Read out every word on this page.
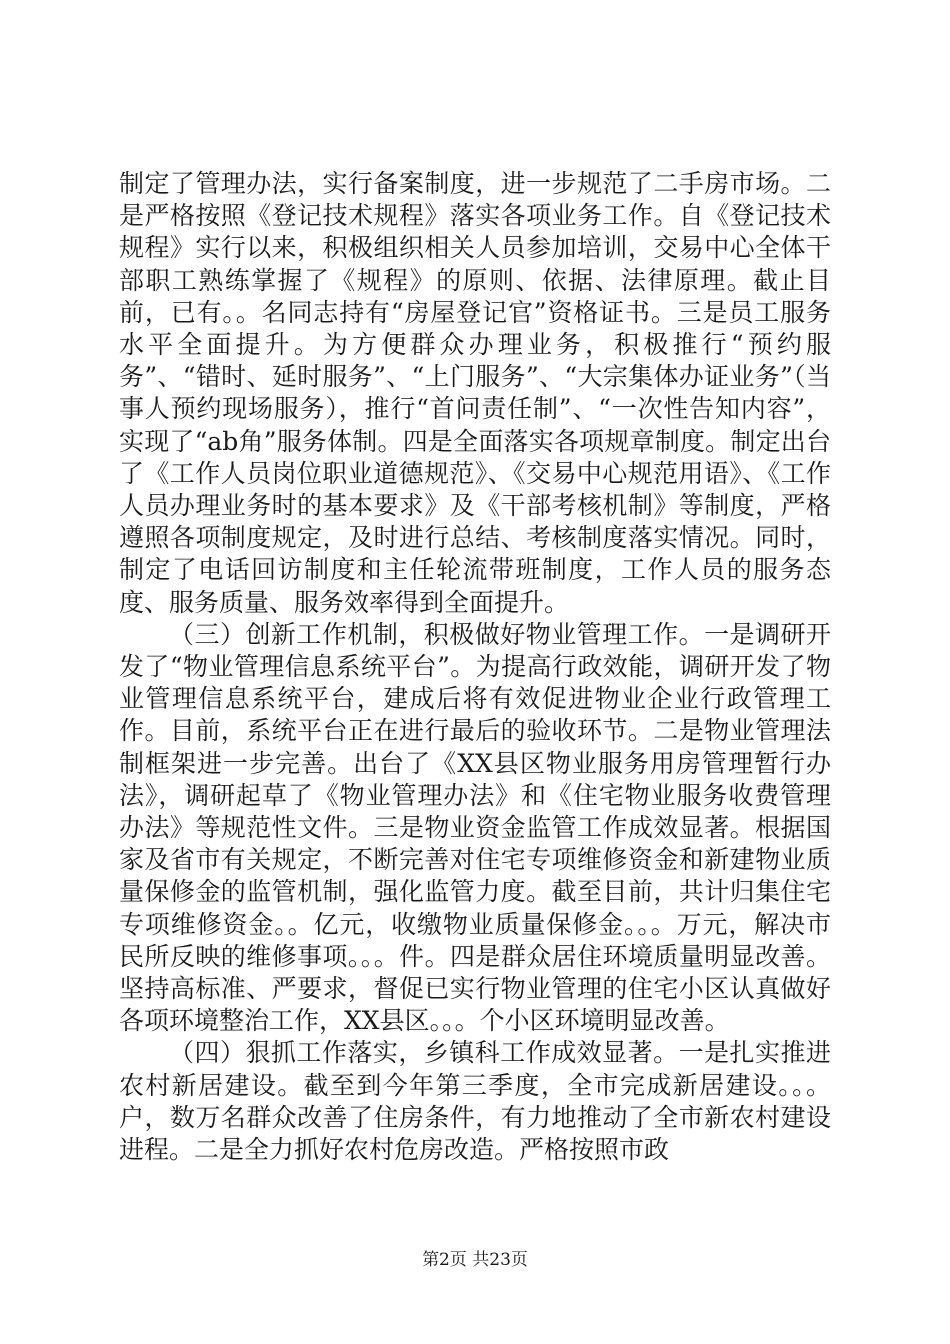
制定了管理办法，实行备案制度，进一步规范了二手房市场。二是严格按照《登记技术规程》落实各项业务工作。自《登记技术规程》实行以来，积极组织相关人员参加培训，交易中心全体干部职工熟练掌握了《规程》的原则、依据、法律原理。截止目前，已有。。名同志持有“房屋登记官”资格证书。三是员工服务水平全面提升。为方便群众办理业务，积极推行“预约服务”、“错时、延时服务”、“上门服务”、“大宗集体办证业务”（当事人预约现场服务），推行“首问责任制”、“一次性告知内容”，实现了“ab角”服务体制。四是全面落实各项规章制度。制定出台了《工作人员岗位职业道德规范》、《交易中心规范用语》、《工作人员办理业务时的基本要求》及《干部考核机制》等制度，严格遵照各项制度规定，及时进行总结、考核制度落实情况。同时，制定了电话回访制度和主任轮流带班制度，工作人员的服务态度、服务质量、服务效率得到全面提升。

（三）创新工作机制，积极做好物业管理工作。一是调研开发了“物业管理信息系统平台”。为提高行政效能，调研开发了物业管理信息系统平台，建成后将有效促进物业企业行政管理工作。目前，系统平台正在进行最后的验收环节。二是物业管理法制框架进一步完善。出台了《XX县区物业服务用房管理暂行办法》，调研起草了《物业管理办法》和《住宅物业服务收费管理办法》等规范性文件。三是物业资金监管工作成效显著。根据国家及省市有关规定，不断完善对住宅专项维修资金和新建物业质量保修金的监管机制，强化监管力度。截至目前，共计归集住宅专项维修资金。。亿元，收缴物业质量保修金。。。万元，解决市民所反映的维修事项。。。件。四是群众居住环境质量明显改善。坚持高标准、严要求，督促已实行物业管理的住宅小区认真做好各项环境整治工作，XX县区。。。个小区环境明显改善。

（四）狠抓工作落实，乡镇科工作成效显著。一是扎实推进农村新居建设。截至到今年第三季度，全市完成新居建设。。。户，数万名群众改善了住房条件，有力地推动了全市新农村建设进程。二是全力抓好农村危房改造。严格按照市政

第2页 共23页
